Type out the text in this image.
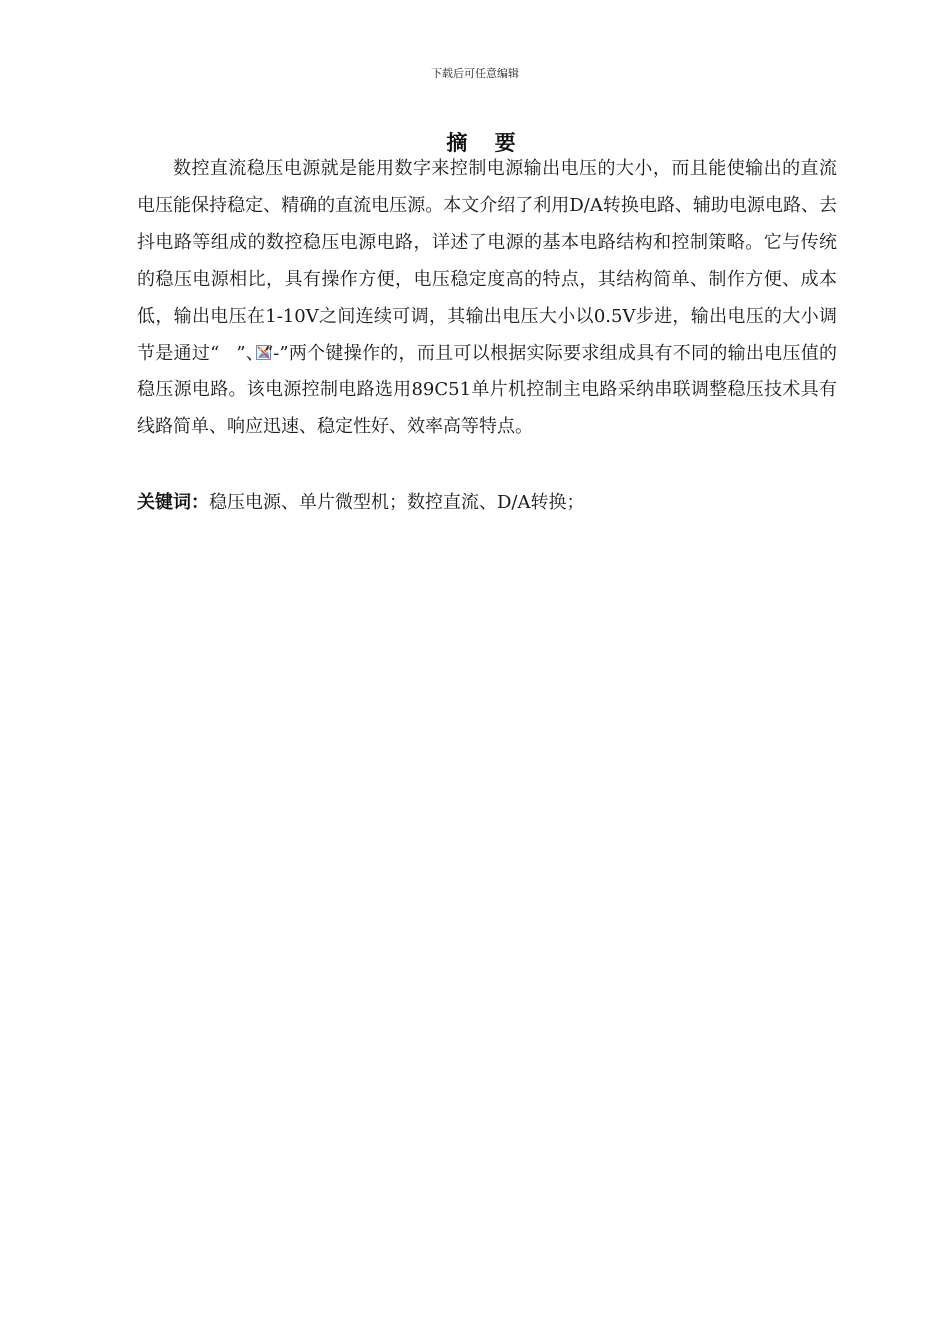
下载后可任意编辑
摘 要
数控直流稳压电源就是能用数字来控制电源输出电压的大小，而且能使输出的直流电压能保持稳定、精确的直流电压源。本文介绍了利用D/A转换电路、辅助电源电路、去抖电路等组成的数控稳压电源电路，详述了电源的基本电路结构和控制策略。它与传统的稳压电源相比，具有操作方便，电压稳定度高的特点，其结构简单、制作方便、成本低，输出电压在1-10V之间连续可调，其输出电压大小以0.5V步进，输出电压的大小调节是通过“ ”、“-”两个键操作的，而且可以根据实际要求组成具有不同的输出电压值的稳压源电路。该电源控制电路选用89C51单片机控制主电路采纳串联调整稳压技术具有线路简单、响应迅速、稳定性好、效率高等特点。
关键词：稳压电源、单片微型机；数控直流、D/A转换；
